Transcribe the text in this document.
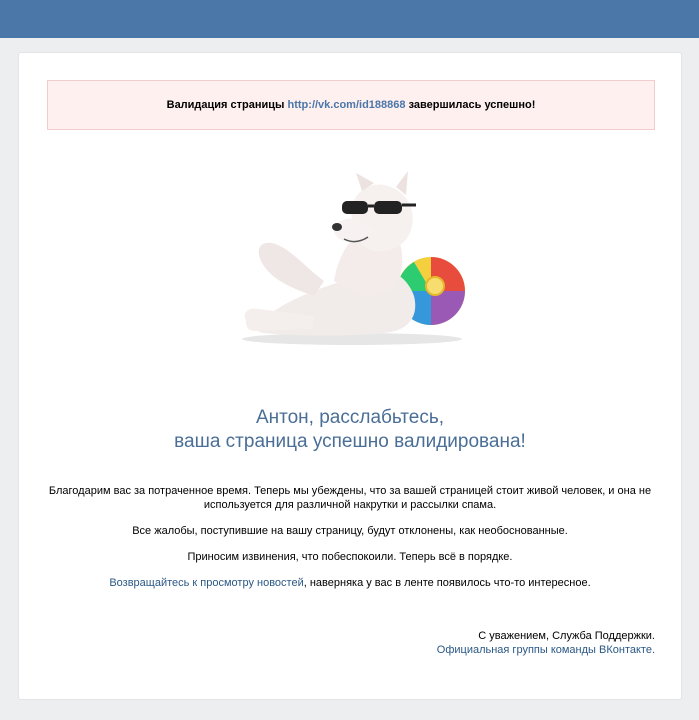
Валидация страницы
http://vk.com/id188868
завершилась успешно!
Антон, расслабьтесь,
ваша страница успешно валидирована!

Благодарим вас за потраченное время. Теперь мы убеждены, что за вашей страницей стоит живой человек, и она не используется для различной накрутки и рассылки спама.

Все жалобы, поступившие на вашу страницу, будут отклонены, как необоснованные.

Приносим извинения, что побеспокоили. Теперь всё в порядке.

Возвращайтесь к просмотру новостей, наверняка у вас в ленте появилось что-то интересное.

С уважением, Служба Поддержки.
Официальная группы команды ВКонтакте.
